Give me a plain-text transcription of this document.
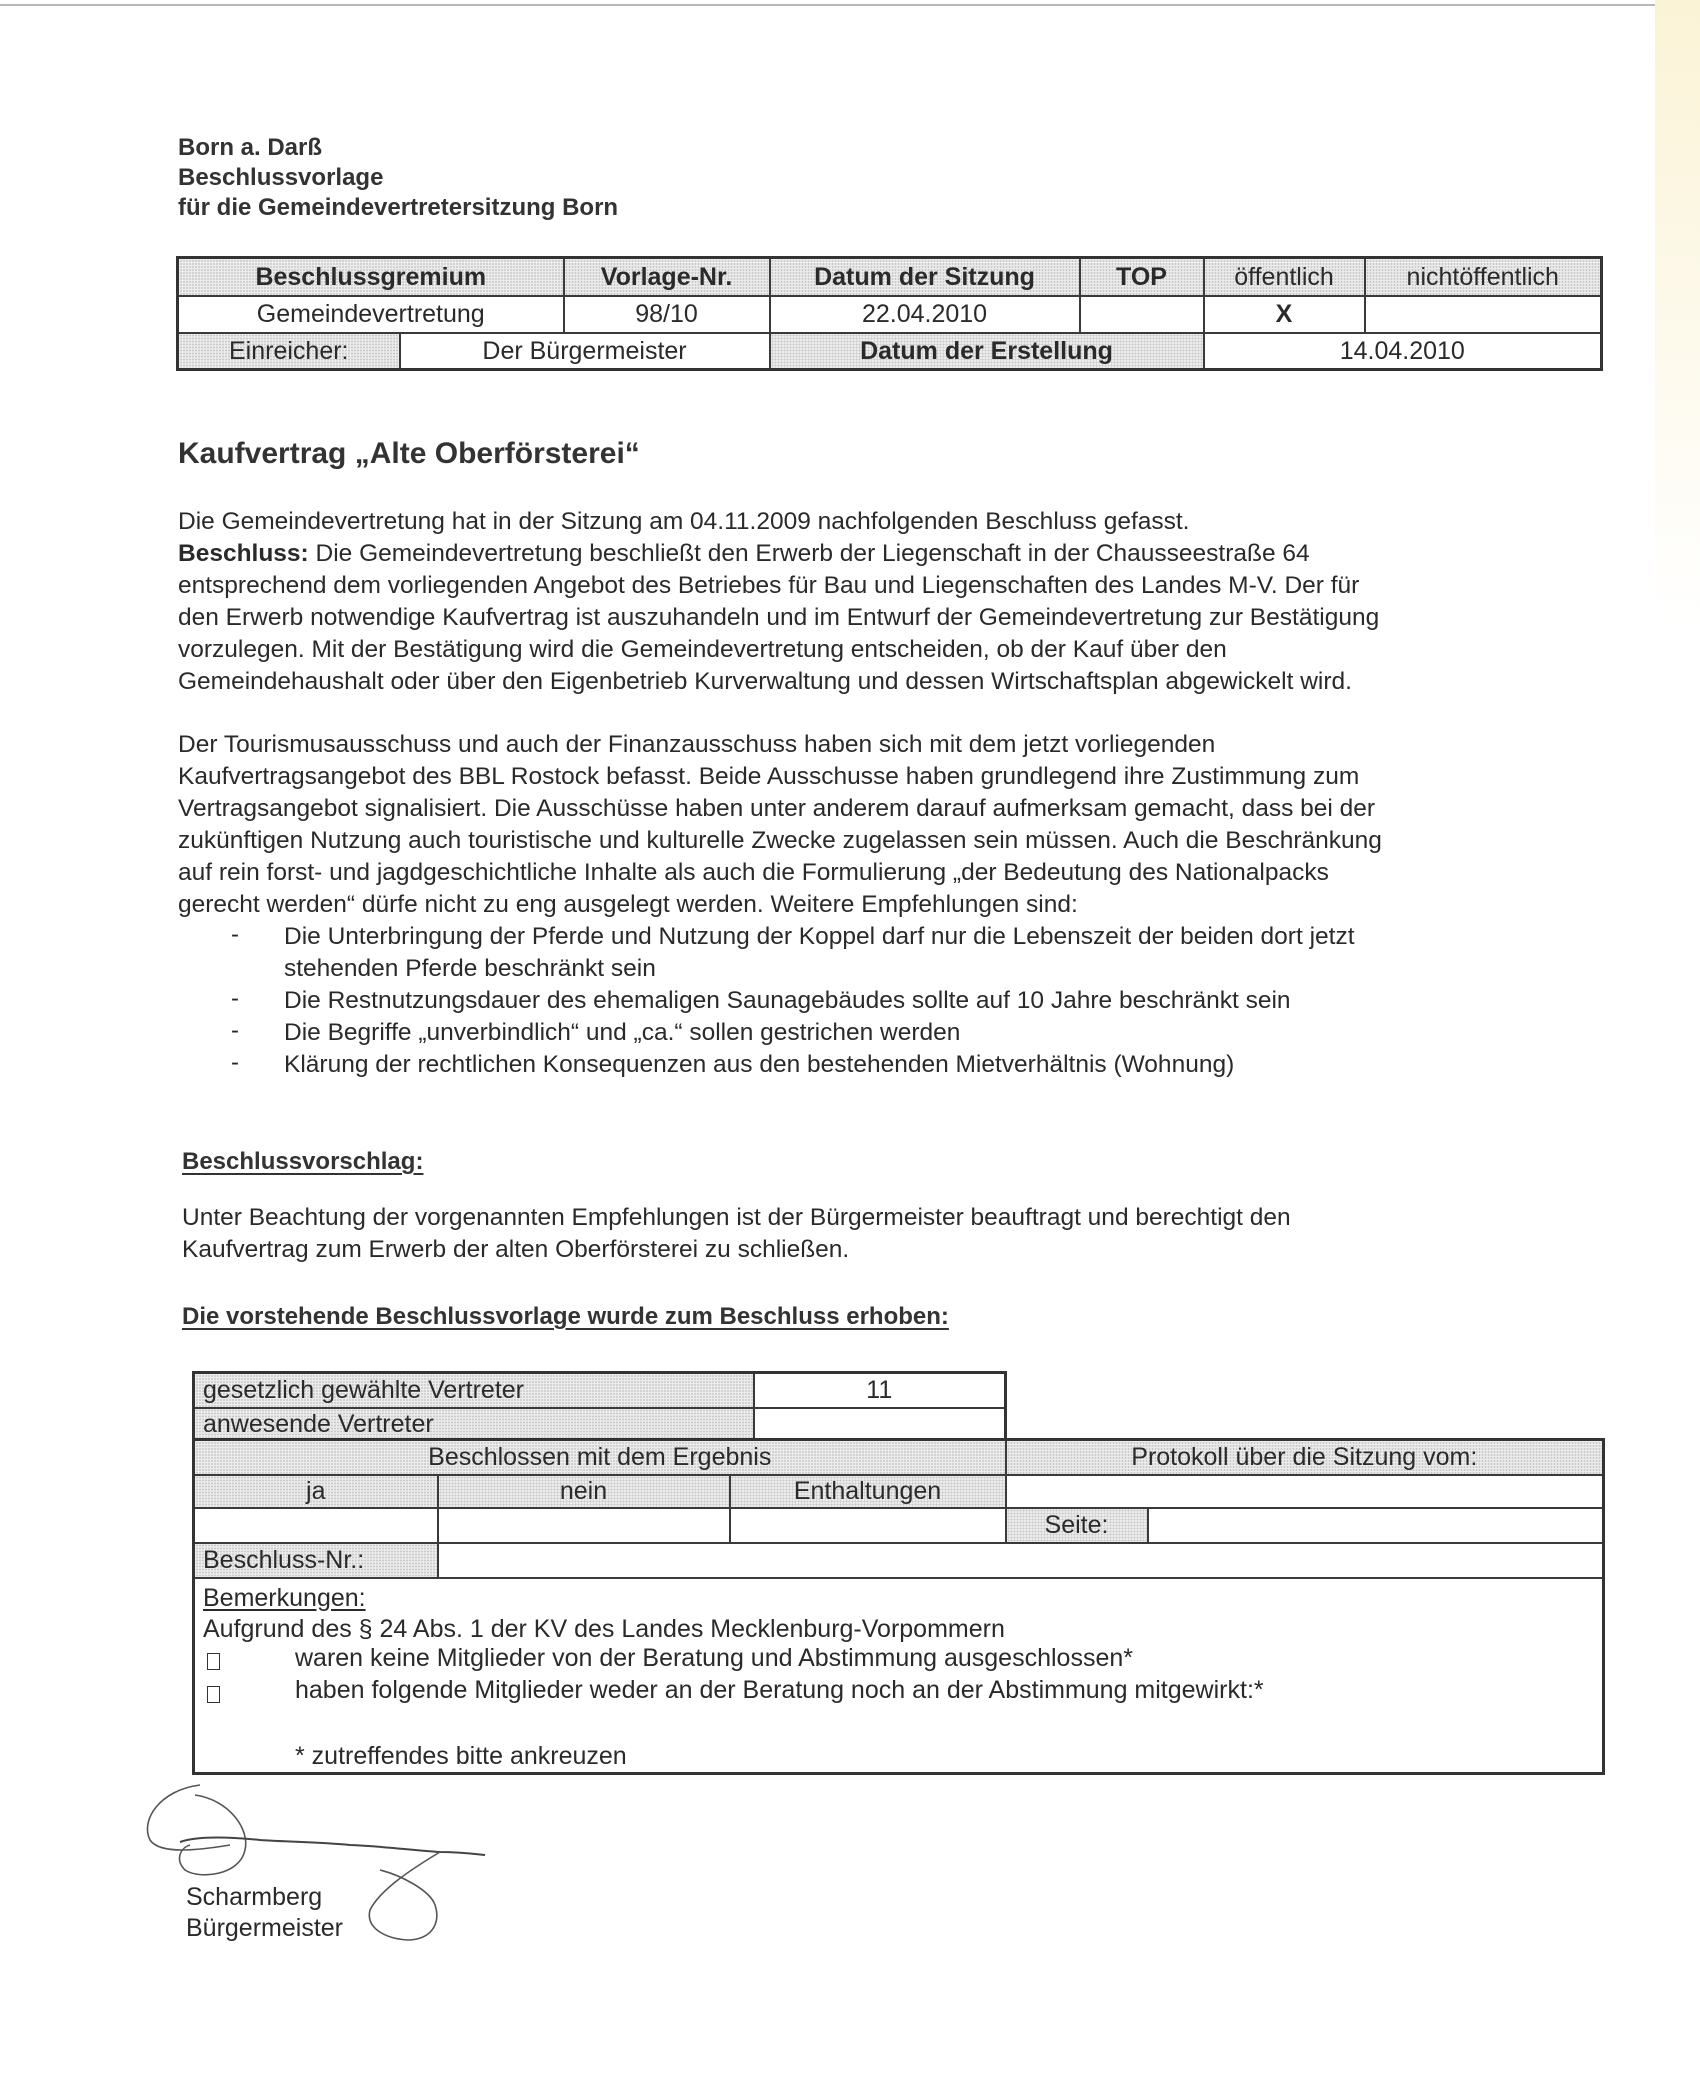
Born a. Darß
Beschlussvorlage
für die Gemeindevertretersitzung Born
Beschlussgremium		Vorlage-Nr.	Datum der Sitzung	TOP	öffentlich	nichtöffentlich
Gemeindevertretung		98/10	22.04.2010		X	
Einreicher:	Der Bürgermeister		Datum der Erstellung		14.04.2010	
Kaufvertrag „Alte Oberförsterei“
Die Gemeindevertretung hat in der Sitzung am 04.11.2009 nachfolgenden Beschluss gefasst.
Beschluss: Die Gemeindevertretung beschließt den Erwerb der Liegenschaft in der Chausseestraße 64
entsprechend dem vorliegenden Angebot des Betriebes für Bau und Liegenschaften des Landes M-V. Der für
den Erwerb notwendige Kaufvertrag ist auszuhandeln und im Entwurf der Gemeindevertretung zur Bestätigung
vorzulegen. Mit der Bestätigung wird die Gemeindevertretung entscheiden, ob der Kauf über den
Gemeindehaushalt oder über den Eigenbetrieb Kurverwaltung und dessen Wirtschaftsplan abgewickelt wird.
Der Tourismusausschuss und auch der Finanzausschuss haben sich mit dem jetzt vorliegenden
Kaufvertragsangebot des BBL Rostock befasst. Beide Ausschusse haben grundlegend ihre Zustimmung zum
Vertragsangebot signalisiert. Die Ausschüsse haben unter anderem darauf aufmerksam gemacht, dass bei der
zukünftigen Nutzung auch touristische und kulturelle Zwecke zugelassen sein müssen. Auch die Beschränkung
auf rein forst- und jagdgeschichtliche Inhalte als auch die Formulierung „der Bedeutung des Nationalpacks
gerecht werden“ dürfe nicht zu eng ausgelegt werden. Weitere Empfehlungen sind:
- Die Unterbringung der Pferde und Nutzung der Koppel darf nur die Lebenszeit der beiden dort jetzt
stehenden Pferde beschränkt sein
- Die Restnutzungsdauer des ehemaligen Saunagebäudes sollte auf 10 Jahre beschränkt sein
- Die Begriffe „unverbindlich“ und „ca.“ sollen gestrichen werden
- Klärung der rechtlichen Konsequenzen aus den bestehenden Mietverhältnis (Wohnung)
Beschlussvorschlag:
Unter Beachtung der vorgenannten Empfehlungen ist der Bürgermeister beauftragt und berechtigt den
Kaufvertrag zum Erwerb der alten Oberförsterei zu schließen.
Die vorstehende Beschlussvorlage wurde zum Beschluss erhoben:
gesetzlich gewählte Vertreter	11
anwesende Vertreter	
Beschlossen mit dem Ergebnis			Protokoll über die Sitzung vom:	
ja	nein	Enthaltungen		
			Seite:	
Beschluss-Nr.:				

Bemerkungen:
Aufgrund des § 24 Abs. 1 der KV des Landes Mecklenburg-Vorpommern
waren keine Mitglieder von der Beratung und Abstimmung ausgeschlossen*
haben folgende Mitglieder weder an der Beratung noch an der Abstimmung mitgewirkt:*
* zutreffendes bitte ankreuzen				
Scharmberg
Bürgermeister
